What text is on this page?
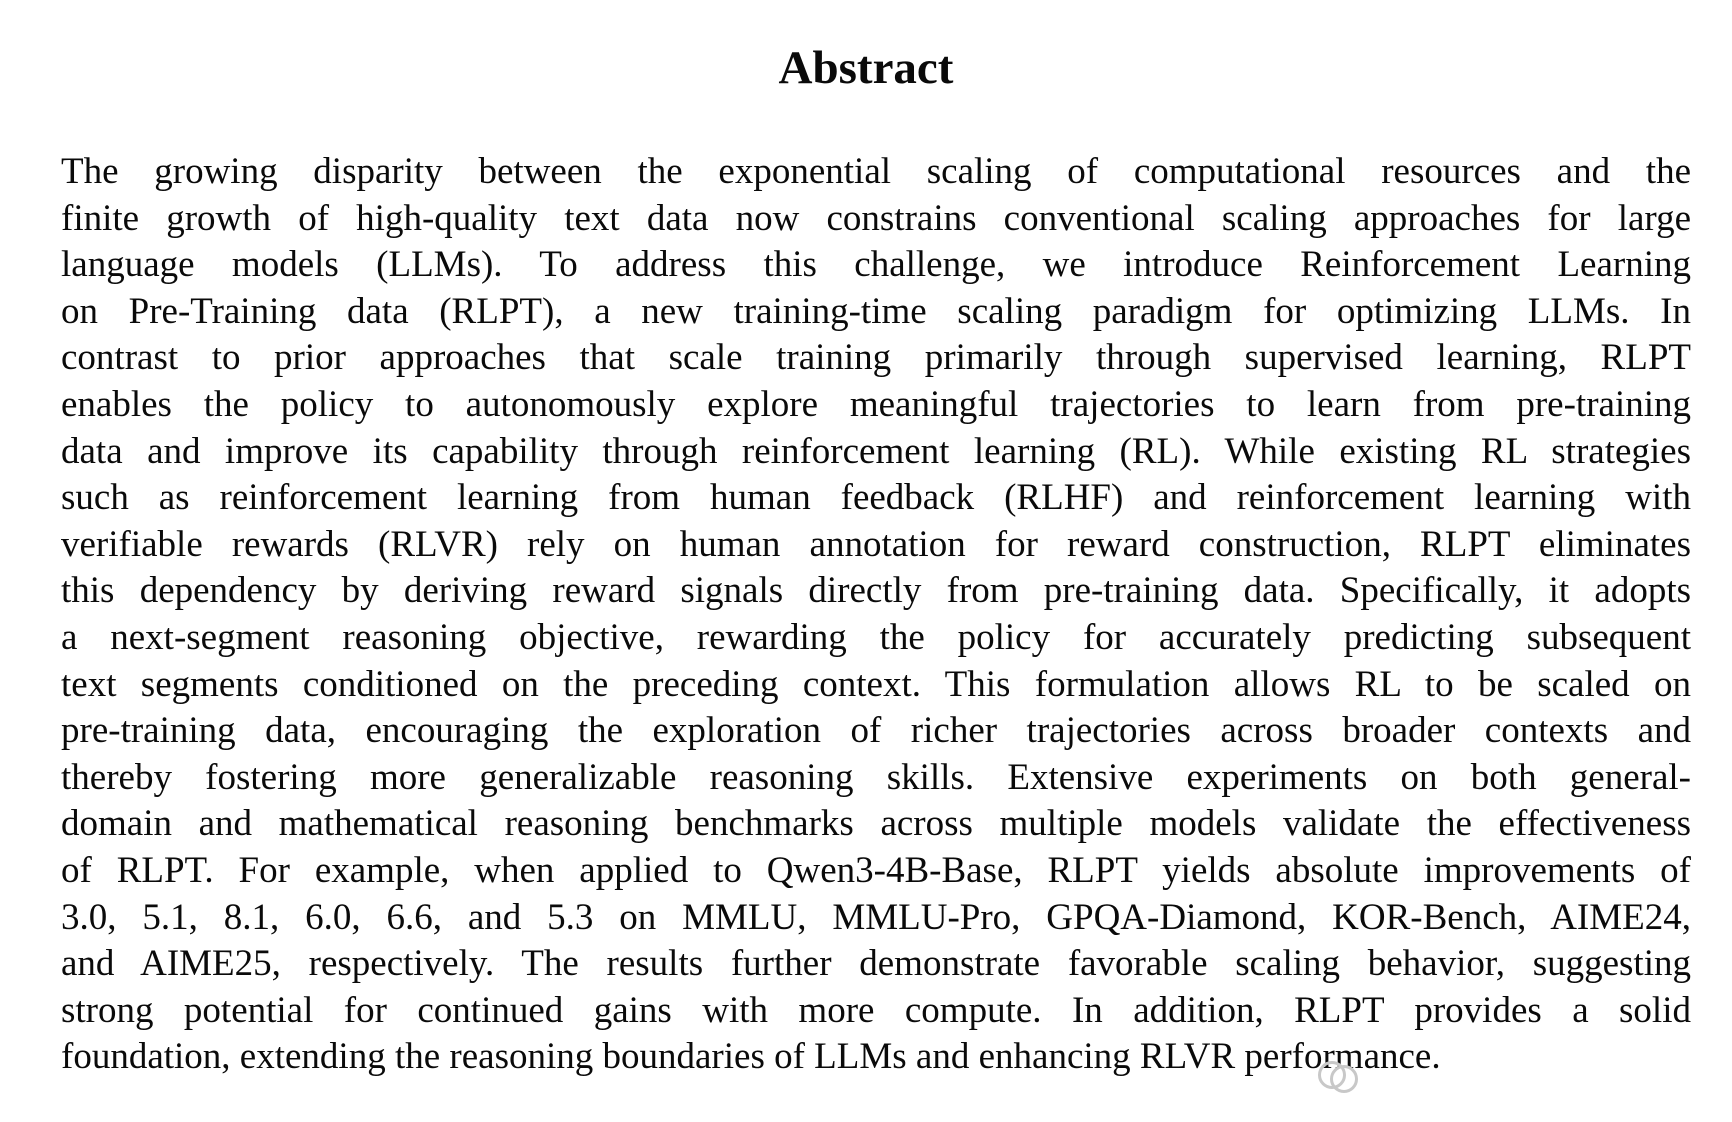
Abstract
The growing disparity between the exponential scaling of computational resources and the
finite growth of high-quality text data now constrains conventional scaling approaches for large
language models (LLMs). To address this challenge, we introduce Reinforcement Learning
on Pre-Training data (RLPT), a new training-time scaling paradigm for optimizing LLMs. In
contrast to prior approaches that scale training primarily through supervised learning, RLPT
enables the policy to autonomously explore meaningful trajectories to learn from pre-training
data and improve its capability through reinforcement learning (RL). While existing RL strategies
such as reinforcement learning from human feedback (RLHF) and reinforcement learning with
verifiable rewards (RLVR) rely on human annotation for reward construction, RLPT eliminates
this dependency by deriving reward signals directly from pre-training data. Specifically, it adopts
a next-segment reasoning objective, rewarding the policy for accurately predicting subsequent
text segments conditioned on the preceding context. This formulation allows RL to be scaled on
pre-training data, encouraging the exploration of richer trajectories across broader contexts and
thereby fostering more generalizable reasoning skills. Extensive experiments on both general-
domain and mathematical reasoning benchmarks across multiple models validate the effectiveness
of RLPT. For example, when applied to Qwen3-4B-Base, RLPT yields absolute improvements of
3.0, 5.1, 8.1, 6.0, 6.6, and 5.3 on MMLU, MMLU-Pro, GPQA-Diamond, KOR-Bench, AIME24,
and AIME25, respectively. The results further demonstrate favorable scaling behavior, suggesting
strong potential for continued gains with more compute. In addition, RLPT provides a solid
foundation, extending the reasoning boundaries of LLMs and enhancing RLVR performance.
